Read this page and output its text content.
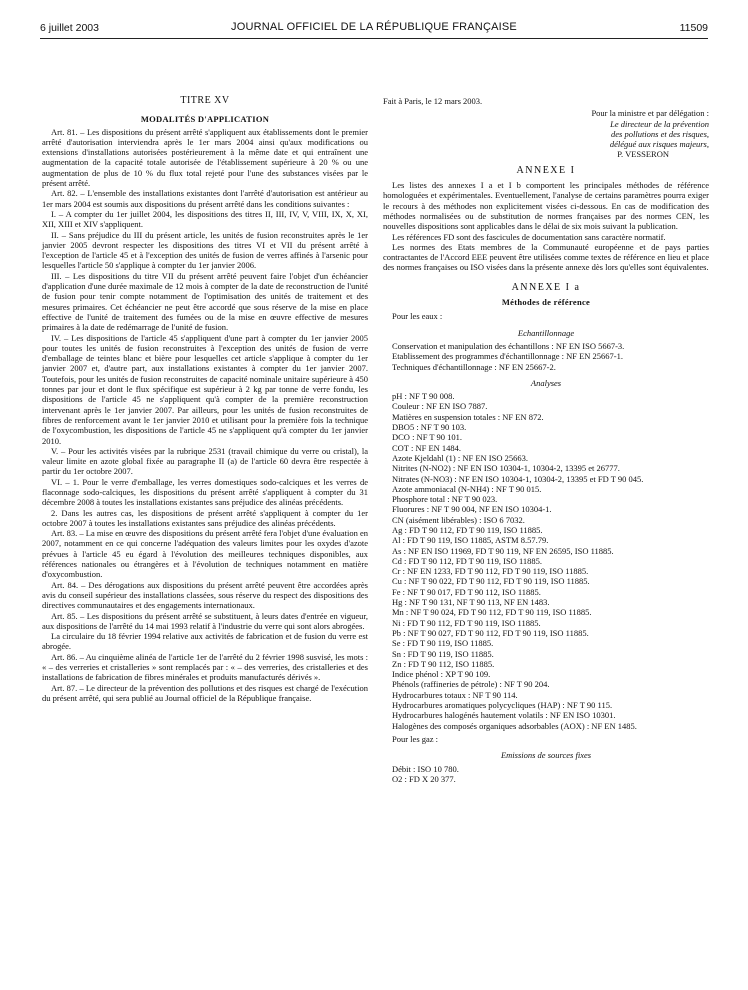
6 juillet 2003	JOURNAL OFFICIEL DE LA RÉPUBLIQUE FRANÇAISE	11509
TITRE XV
MODALITÉS D'APPLICATION

Art. 81. – Les dispositions du présent arrêté s'appliquent aux établissements dont le premier arrêté d'autorisation interviendra après le 1er mars 2004 ainsi qu'aux modifications ou extensions d'installations autorisées postérieurement à la même date et qui entraînent une augmentation de la capacité totale autorisée de l'établissement supérieure à 20 % ou une augmentation de plus de 10 % du flux total rejeté pour l'une des substances visées par le présent arrêté.

Art. 82. – L'ensemble des installations existantes dont l'arrêté d'autorisation est antérieur au 1er mars 2004 est soumis aux dispositions du présent arrêté dans les conditions suivantes :

I. – A compter du 1er juillet 2004, les dispositions des titres II, III, IV, V, VIII, IX, X, XI, XII, XIII et XIV s'appliquent.

II. – Sans préjudice du III du présent article, les unités de fusion reconstruites après le 1er janvier 2005 devront respecter les dispositions des titres VI et VII du présent arrêté à l'exception de l'article 45 et à l'exception des unités de fusion de verres affinés à l'arsenic pour lesquelles l'article 50 s'applique à compter du 1er janvier 2006.

III. – Les dispositions du titre VII du présent arrêté peuvent faire l'objet d'un échéancier d'application d'une durée maximale de 12 mois à compter de la date de reconstruction de l'unité de fusion pour tenir compte notamment de l'optimisation des unités de traitement et des mesures primaires. Cet échéancier ne peut être accordé que sous réserve de la mise en place effective de l'unité de traitement des fumées ou de la mise en œuvre effective de mesures primaires à la date de redémarrage de l'unité de fusion.

IV. – Les dispositions de l'article 45 s'appliquent d'une part à compter du 1er janvier 2005 pour toutes les unités de fusion reconstruites à l'exception des unités de fusion de verre d'emballage de teintes blanc et bière pour lesquelles cet article s'applique à compter du 1er janvier 2007 et, d'autre part, aux installations existantes à compter du 1er janvier 2007. Toutefois, pour les unités de fusion reconstruites de capacité nominale unitaire supérieure à 450 tonnes par jour et dont le flux spécifique est supérieur à 2 kg par tonne de verre fondu, les dispositions de l'article 45 ne s'appliquent qu'à compter de la première reconstruction intervenant après le 1er janvier 2007. Par ailleurs, pour les unités de fusion reconstruites de fibres de renforcement avant le 1er janvier 2010 et utilisant pour la première fois la technique de l'oxycombustion, les dispositions de l'article 45 ne s'appliquent qu'à compter du 1er janvier 2010.

V. – Pour les activités visées par la rubrique 2531 (travail chimique du verre ou cristal), la valeur limite en azote global fixée au paragraphe II (a) de l'article 60 devra être respectée à partir du 1er octobre 2007.

VI. – 1. Pour le verre d'emballage, les verres domestiques sodo-calciques et les verres de flaconnage sodo-calciques, les dispositions du présent arrêté s'appliquent à compter du 31 décembre 2008 à toutes les installations existantes sans préjudice des alinéas précédents.

2. Dans les autres cas, les dispositions de présent arrêté s'appliquent à compter du 1er octobre 2007 à toutes les installations existantes sans préjudice des alinéas précédents.

Art. 83. – La mise en œuvre des dispositions du présent arrêté fera l'objet d'une évaluation en 2007, notamment en ce qui concerne l'adéquation des valeurs limites pour les oxydes d'azote prévues à l'article 45 eu égard à l'évolution des meilleures techniques disponibles, aux références nationales ou étrangères et à l'évolution de techniques notamment en matière d'oxycombustion.

Art. 84. – Des dérogations aux dispositions du présent arrêté peuvent être accordées après avis du conseil supérieur des installations classées, sous réserve du respect des dispositions des directives communautaires et des engagements internationaux.

Art. 85. – Les dispositions du présent arrêté se substituent, à leurs dates d'entrée en vigueur, aux dispositions de l'arrêté du 14 mai 1993 relatif à l'industrie du verre qui sont alors abrogées.

La circulaire du 18 février 1994 relative aux activités de fabrication et de fusion du verre est abrogée.

Art. 86. – Au cinquième alinéa de l'article 1er de l'arrêté du 2 février 1998 susvisé, les mots : « – des verreries et cristalleries » sont remplacés par : « – des verreries, des cristalleries et des installations de fabrication de fibres minérales et produits manufacturés dérivés ».

Art. 87. – Le directeur de la prévention des pollutions et des risques est chargé de l'exécution du présent arrêté, qui sera publié au Journal officiel de la République française.

Fait à Paris, le 12 mars 2003.

Pour la ministre et par délégation :
Le directeur de la prévention
des pollutions et des risques,
délégué aux risques majeurs,
P. VESSERON
ANNEXE I

Les listes des annexes I a et I b comportent les principales méthodes de référence homologuées et expérimentales. Eventuellement, l'analyse de certains paramètres pourra exiger le recours à des méthodes non explicitement visées ci-dessous. En cas de modification des méthodes normalisées ou de substitution de normes françaises par des normes CEN, les nouvelles dispositions sont applicables dans le délai de six mois suivant la publication.

Les références FD sont des fascicules de documentation sans caractère normatif.

Les normes des Etats membres de la Communauté européenne et de pays parties contractantes de l'Accord EEE peuvent être utilisées comme textes de référence en lieu et place des normes françaises ou ISO visées dans la présente annexe dès lors qu'elles sont équivalentes.

ANNEXE I a
Méthodes de référence

Pour les eaux :

Echantillonnage

Conservation et manipulation des échantillons : NF EN ISO 5667-3.

Etablissement des programmes d'échantillonnage : NF EN 25667-1.

Techniques d'échantillonnage : NF EN 25667-2.

Analyses

pH : NF T 90 008.

Couleur : NF EN ISO 7887.

Matières en suspension totales : NF EN 872.

DBO5 : NF T 90 103.

DCO : NF T 90 101.

COT : NF EN 1484.

Azote Kjeldahl (1) : NF EN ISO 25663.

Nitrites (N-NO2) : NF EN ISO 10304-1, 10304-2, 13395 et 26777.

Nitrates (N-NO3) : NF EN ISO 10304-1, 10304-2, 13395 et FD T 90 045.

Azote ammoniacal (N-NH4) : NF T 90 015.

Phosphore total : NF T 90 023.

Fluorures : NF T 90 004, NF EN ISO 10304-1.

CN (aisément libérables) : ISO 6 7032.

Ag : FD T 90 112, FD T 90 119, ISO 11885.

Al : FD T 90 119, ISO 11885, ASTM 8.57.79.

As : NF EN ISO 11969, FD T 90 119, NF EN 26595, ISO 11885.

Cd : FD T 90 112, FD T 90 119, ISO 11885.

Cr : NF EN 1233, FD T 90 112, FD T 90 119, ISO 11885.

Cu : NF T 90 022, FD T 90 112, FD T 90 119, ISO 11885.

Fe : NF T 90 017, FD T 90 112, ISO 11885.

Hg : NF T 90 131, NF T 90 113, NF EN 1483.

Mn : NF T 90 024, FD T 90 112, FD T 90 119, ISO 11885.

Ni : FD T 90 112, FD T 90 119, ISO 11885.

Pb : NF T 90 027, FD T 90 112, FD T 90 119, ISO 11885.

Se : FD T 90 119, ISO 11885.

Sn : FD T 90 119, ISO 11885.

Zn : FD T 90 112, ISO 11885.

Indice phénol : XP T 90 109.

Phénols (raffineries de pétrole) : NF T 90 204.

Hydrocarbures totaux : NF T 90 114.

Hydrocarbures aromatiques polycycliques (HAP) : NF T 90 115.

Hydrocarbures halogénés hautement volatils : NF EN ISO 10301.

Halogènes des composés organiques adsorbables (AOX) : NF EN 1485.

Pour les gaz :

Emissions de sources fixes

Débit : ISO 10 780.

O2 : FD X 20 377.
